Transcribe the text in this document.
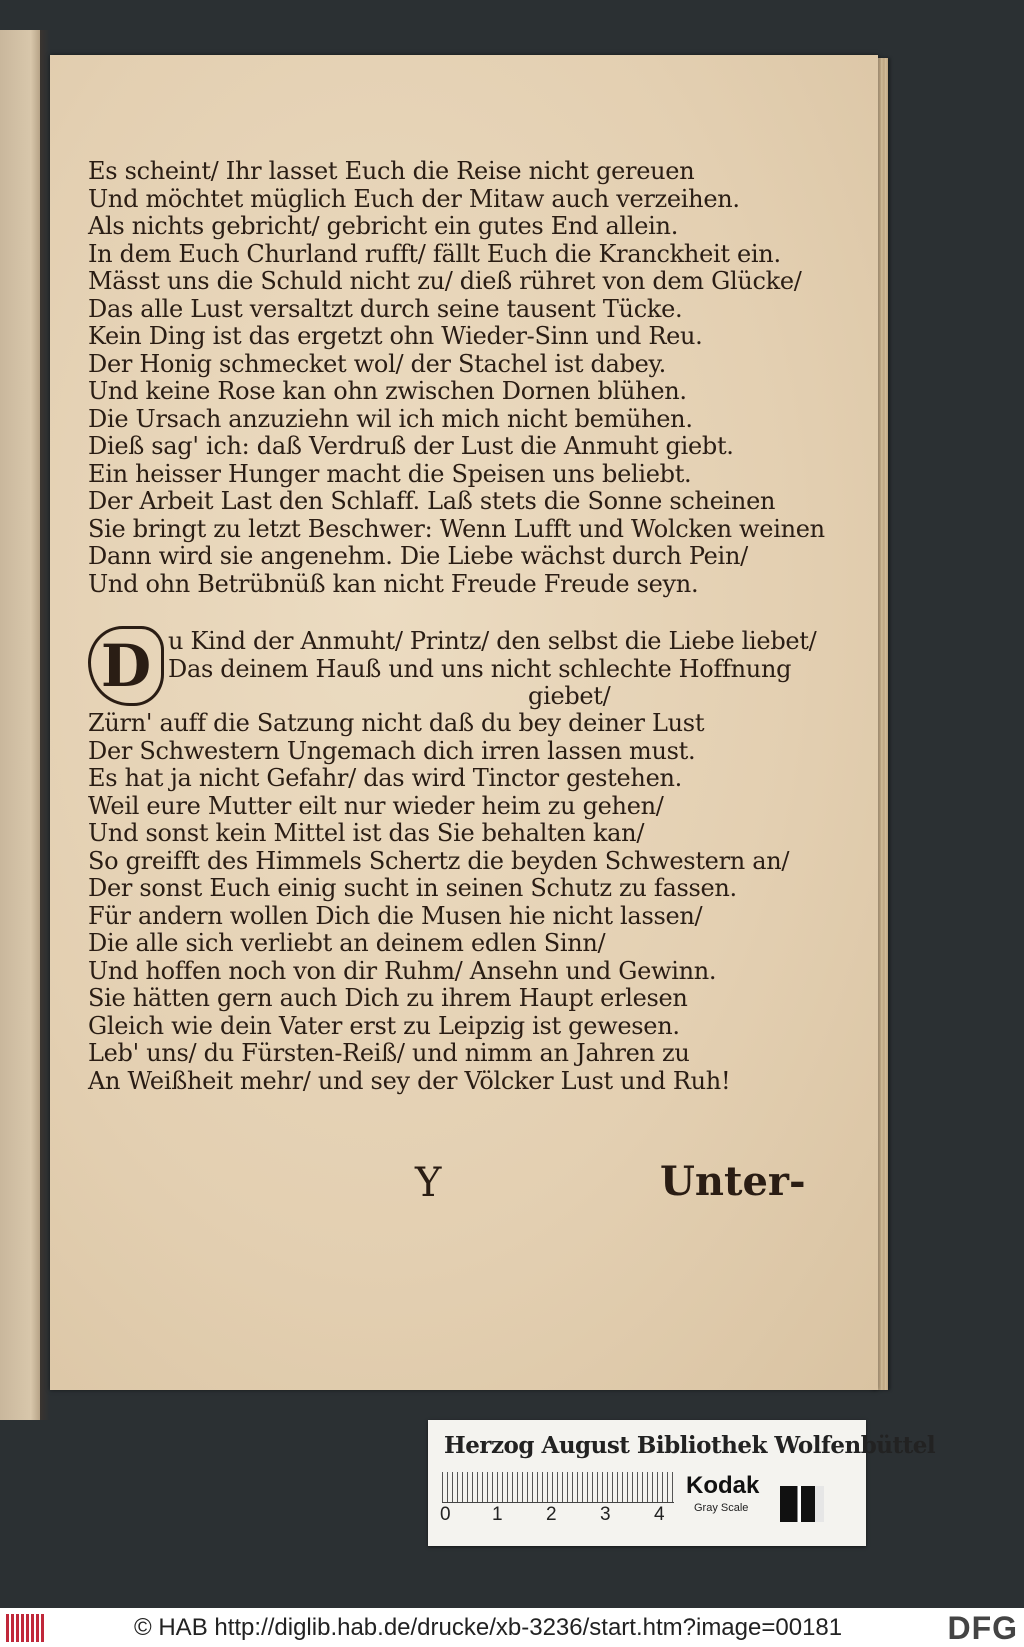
Es scheint/ Ihr lasset Euch die Reise nicht gereuen
Und möchtet müglich Euch der Mitaw auch verzeihen.
Als nichts gebricht/ gebricht ein gutes End allein.
In dem Euch Churland rufft/ fällt Euch die Kranckheit ein.
Mässt uns die Schuld nicht zu/ dieß rühret von dem Glücke/
Das alle Lust versaltzt durch seine tausent Tücke.
Kein Ding ist das ergetzt ohn Wieder-Sinn und Reu.
Der Honig schmecket wol/ der Stachel ist dabey.
Und keine Rose kan ohn zwischen Dornen blühen.
Die Ursach anzuziehn wil ich mich nicht bemühen.
Dieß sag' ich: daß Verdruß der Lust die Anmuht giebt.
Ein heisser Hunger macht die Speisen uns beliebt.
Der Arbeit Last den Schlaff. Laß stets die Sonne scheinen
Sie bringt zu letzt Beschwer: Wenn Lufft und Wolcken weinen
Dann wird sie angenehm. Die Liebe wächst durch Pein/
Und ohn Betrübnüß kan nicht Freude Freude seyn.
D u Kind der Anmuht/ Printz/ den selbst die Liebe liebet/
Das deinem Hauß und uns nicht schlechte Hoffnung
giebet/
Zürn' auff die Satzung nicht daß du bey deiner Lust
Der Schwestern Ungemach dich irren lassen must.
Es hat ja nicht Gefahr/ das wird Tinctor gestehen.
Weil eure Mutter eilt nur wieder heim zu gehen/
Und sonst kein Mittel ist das Sie behalten kan/
So greifft des Himmels Schertz die beyden Schwestern an/
Der sonst Euch einig sucht in seinen Schutz zu fassen.
Für andern wollen Dich die Musen hie nicht lassen/
Die alle sich verliebt an deinem edlen Sinn/
Und hoffen noch von dir Ruhm/ Ansehn und Gewinn.
Sie hätten gern auch Dich zu ihrem Haupt erlesen
Gleich wie dein Vater erst zu Leipzig ist gewesen.
Leb' uns/ du Fürsten-Reiß/ und nimm an Jahren zu
An Weißheit mehr/ und sey der Völcker Lust und Ruh!
Y	Unter-
Herzog August Bibliothek Wolfenbüttel
0 1 2 3 4
Kodak
Gray Scale
© HAB http://diglib.hab.de/drucke/xb-3236/start.htm?image=00181	DFG
